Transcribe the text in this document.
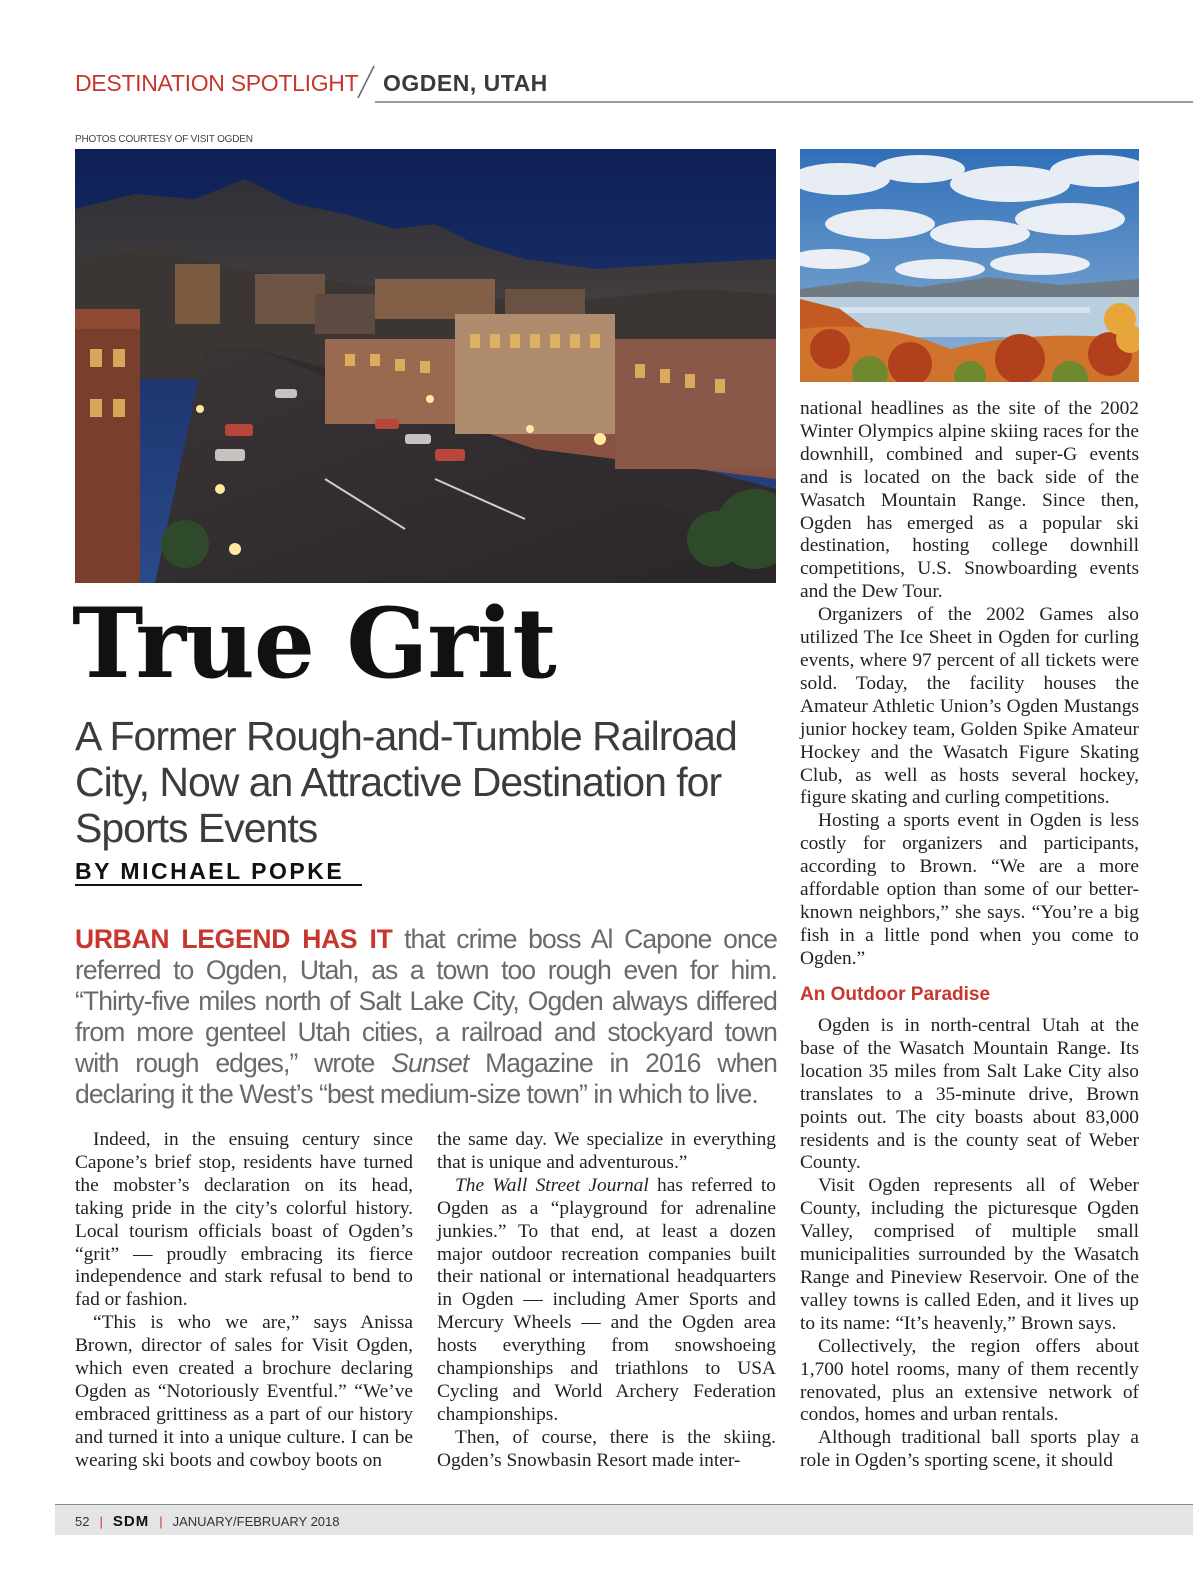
DESTINATION SPOTLIGHT OGDEN, UTAH
PHOTOS COURTESY OF VISIT OGDEN
True Grit
A Former Rough-and-Tumble Railroad City, Now an Attractive Destination for Sports Events
BY MICHAEL POPKE
URBAN LEGEND HAS IT that crime boss Al Capone once referred to Ogden, Utah, as a town too rough even for him. “Thirty-five miles north of Salt Lake City, Ogden always differed from more genteel Utah cities, a railroad and stockyard town with rough edges,” wrote Sunset Magazine in 2016 when declaring it the West’s “best medium-size town” in which to live.

Indeed, in the ensuing century since Capone’s brief stop, residents have turned the mobster’s declaration on its head, taking pride in the city’s colorful history. Local tourism officials boast of Ogden’s “grit” — proudly embracing its fierce independence and stark refusal to bend to fad or fashion.

“This is who we are,” says Anissa Brown, director of sales for Visit Ogden, which even created a brochure declaring Ogden as “Notoriously Eventful.” “We’ve embraced grittiness as a part of our history and turned it into a unique culture. I can be wearing ski boots and cowboy boots on

the same day. We specialize in everything that is unique and adventurous.”

The Wall Street Journal has referred to Ogden as a “playground for adrenaline junkies.” To that end, at least a dozen major outdoor recreation companies built their national or international headquarters in Ogden — including Amer Sports and Mercury Wheels — and the Ogden area hosts everything from snowshoeing championships and triathlons to USA Cycling and World Archery Federation championships.

Then, of course, there is the skiing. Ogden’s Snowbasin Resort made inter-

national headlines as the site of the 2002 Winter Olympics alpine skiing races for the downhill, combined and super-G events and is located on the back side of the Wasatch Mountain Range. Since then, Ogden has emerged as a popular ski destination, hosting college downhill competitions, U.S. Snowboarding events and the Dew Tour.

Organizers of the 2002 Games also utilized The Ice Sheet in Ogden for curling events, where 97 percent of all tickets were sold. Today, the facility houses the Amateur Athletic Union’s Ogden Mustangs junior hockey team, Golden Spike Amateur Hockey and the Wasatch Figure Skating Club, as well as hosts several hockey, figure skating and curling competitions.

Hosting a sports event in Ogden is less costly for organizers and participants, according to Brown. “We are a more affordable option than some of our better-known neighbors,” she says. “You’re a big fish in a little pond when you come to Ogden.”

An Outdoor Paradise

Ogden is in north-central Utah at the base of the Wasatch Mountain Range. Its location 35 miles from Salt Lake City also translates to a 35-minute drive, Brown points out. The city boasts about 83,000 residents and is the county seat of Weber County.

Visit Ogden represents all of Weber County, including the picturesque Ogden Valley, comprised of multiple small municipalities surrounded by the Wasatch Range and Pineview Reservoir. One of the valley towns is called Eden, and it lives up to its name: “It’s heavenly,” Brown says.

Collectively, the region offers about 1,700 hotel rooms, many of them recently renovated, plus an extensive network of condos, homes and urban rentals.

Although traditional ball sports play a role in Ogden’s sporting scene, it should

52 | SDM | JANUARY/FEBRUARY 2018
